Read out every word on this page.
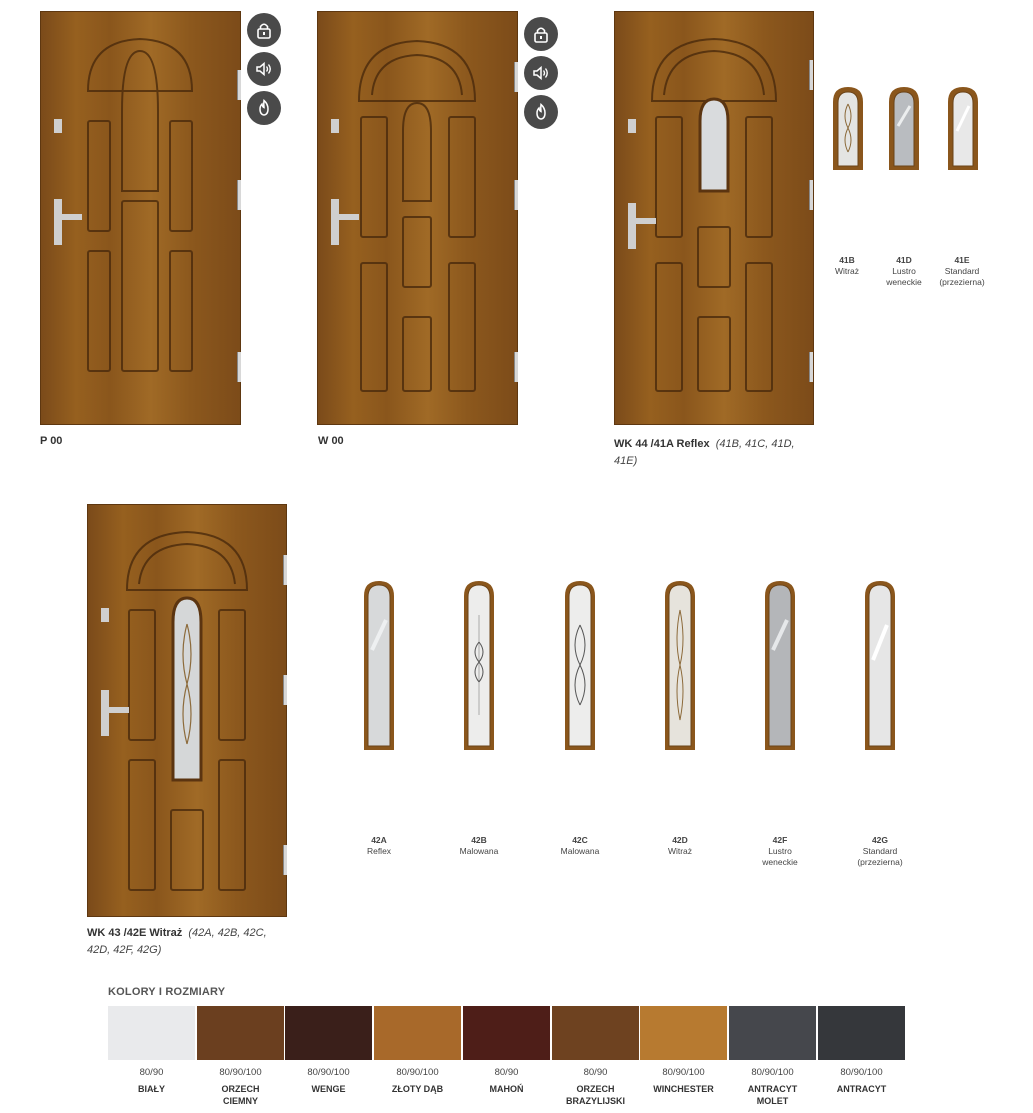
P 00	W 00	WK 44 /41A Reflex (41B, 41C, 41D, 41E)
41B
Witraż
41D
Lustro weneckie
41E
Standard (przezierna)
WK 43 /42E Witraż (42A, 42B, 42C, 42D, 42F, 42G)
42A
Reflex
42B
Malowana
42C
Malowana
42D
Witraż
42F
Lustro weneckie
42G
Standard (przezierna)
KOLORY I ROZMIARY
80/90
BIAŁY
80/90/100
ORZECH CIEMNY
80/90/100
WENGE
80/90/100
ZŁOTY DĄB
80/90
MAHOŃ
80/90
ORZECH BRAZYLIJSKI
80/90/100
WINCHESTER
80/90/100
ANTRACYT MOLET
80/90/100
ANTRACYT
